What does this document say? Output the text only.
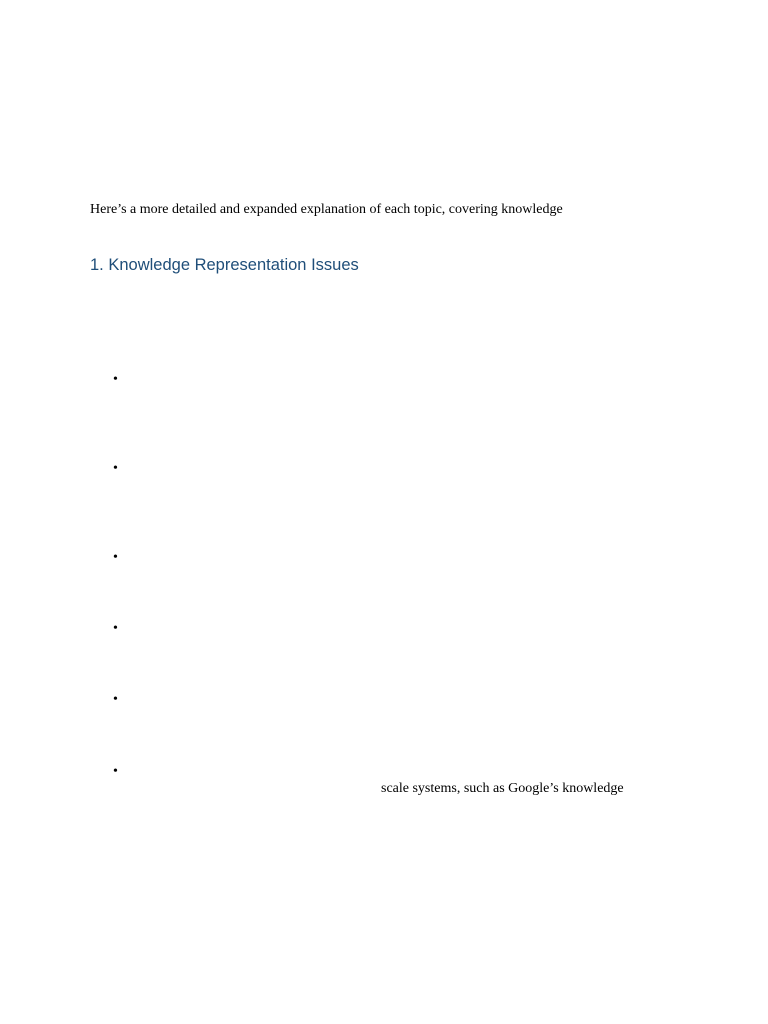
Here’s a more detailed and expanded explanation of each topic, covering knowledge
1. Knowledge Representation Issues
•
•
•
•
•
•
scale systems, such as Google’s knowledge
